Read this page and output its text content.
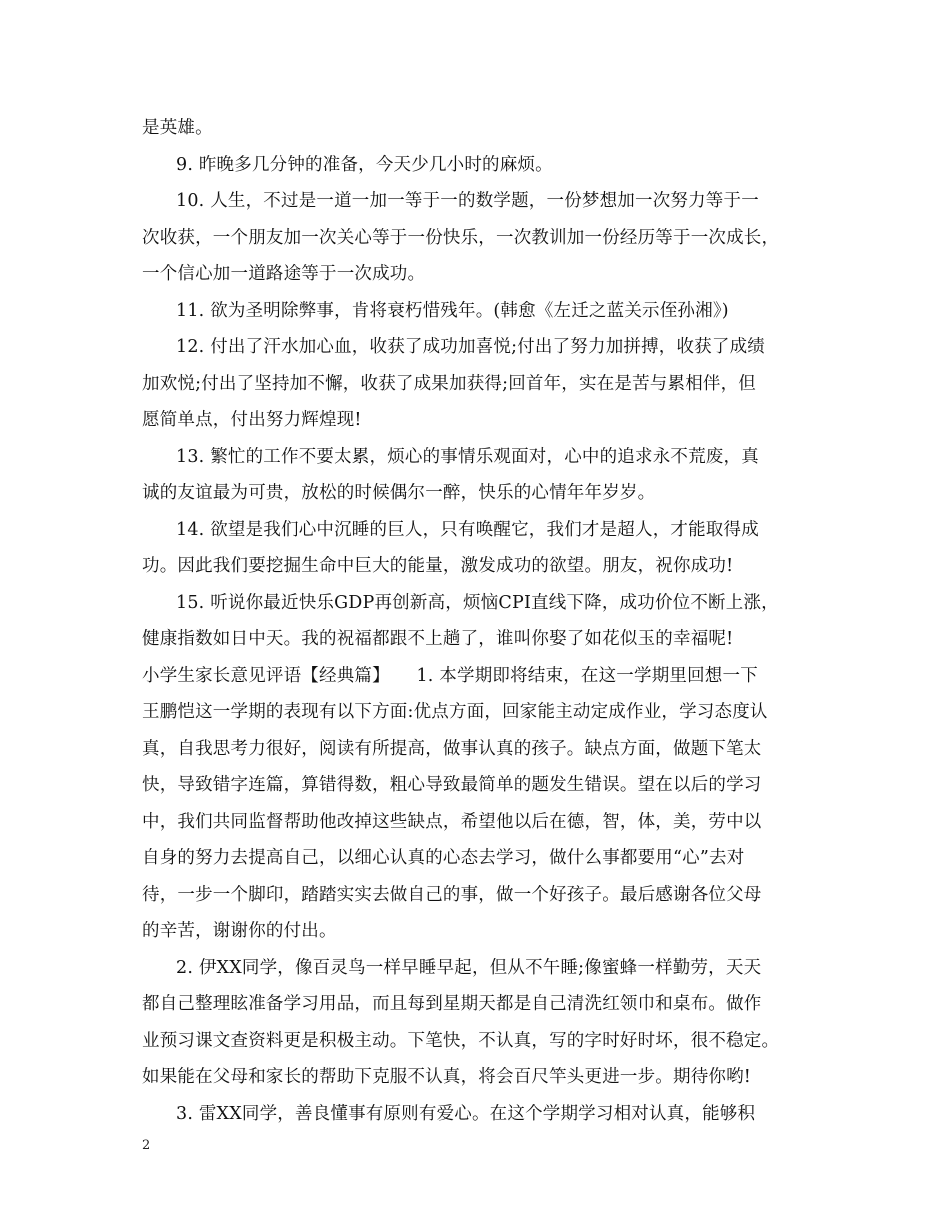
是英雄。
9. 昨晚多几分钟的准备，今天少几小时的麻烦。
10. 人生，不过是一道一加一等于一的数学题，一份梦想加一次努力等于一
次收获，一个朋友加一次关心等于一份快乐，一次教训加一份经历等于一次成长，
一个信心加一道路途等于一次成功。
11. 欲为圣明除弊事，肯将衰朽惜残年。(韩愈《左迁之蓝关示侄孙湘》)
12. 付出了汗水加心血，收获了成功加喜悦;付出了努力加拼搏，收获了成绩
加欢悦;付出了坚持加不懈，收获了成果加获得;回首年，实在是苦与累相伴，但
愿简单点，付出努力辉煌现!
13. 繁忙的工作不要太累，烦心的事情乐观面对，心中的追求永不荒废，真
诚的友谊最为可贵，放松的时候偶尔一醉，快乐的心情年年岁岁。
14. 欲望是我们心中沉睡的巨人，只有唤醒它，我们才是超人，才能取得成
功。因此我们要挖掘生命中巨大的能量，激发成功的欲望。朋友，祝你成功!
15. 听说你最近快乐GDP再创新高，烦恼CPI直线下降，成功价位不断上涨，
健康指数如日中天。我的祝福都跟不上趟了，谁叫你娶了如花似玉的幸福呢!
小学生家长意见评语【经典篇】　　1. 本学期即将结束，在这一学期里回想一下
王鹏恺这一学期的表现有以下方面:优点方面，回家能主动定成作业，学习态度认
真，自我思考力很好，阅读有所提高，做事认真的孩子。缺点方面，做题下笔太
快，导致错字连篇，算错得数，粗心导致最简单的题发生错误。望在以后的学习
中，我们共同监督帮助他改掉这些缺点，希望他以后在德，智，体，美，劳中以
自身的努力去提高自己，以细心认真的心态去学习，做什么事都要用“心”去对
待，一步一个脚印，踏踏实实去做自己的事，做一个好孩子。最后感谢各位父母
的辛苦，谢谢你的付出。
2. 伊XX同学，像百灵鸟一样早睡早起，但从不午睡;像蜜蜂一样勤劳，天天
都自己整理眩准备学习用品，而且每到星期天都是自己清洗红领巾和桌布。做作
业预习课文查资料更是积极主动。下笔快，不认真，写的字时好时坏，很不稳定。
如果能在父母和家长的帮助下克服不认真，将会百尺竿头更进一步。期待你哟!
3. 雷XX同学，善良懂事有原则有爱心。在这个学期学习相对认真，能够积
2
